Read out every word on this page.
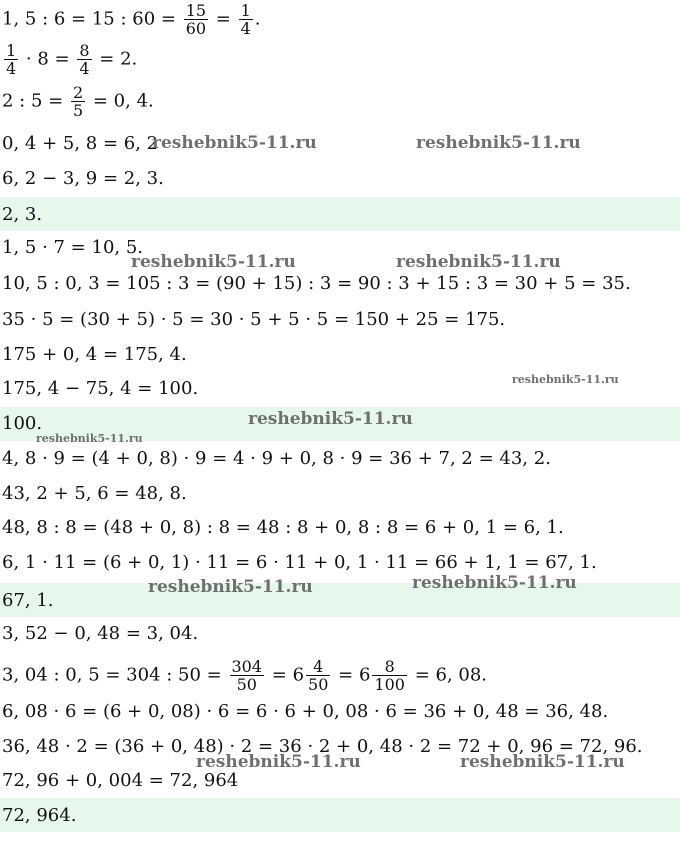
1, 5 : 6 = 15 : $60 = \frac{15}{60} = \frac{1}{4}$ .
$\frac{1}{4} \cdot 8 = \frac{8}{4} = 2$.
2 : $5 = \frac{2}{5} = 0$, 4.
0, 4 + 5, 8 = 6, 2
6, 2 − 3, 9 = 2, 3.
2, 3.
1, 5 · 7 = 10, 5.
10, 5 : 0, 3 = 105 : 3 = (90 + 15) : 3 = 90 : 3 + 15 : 3 = 30 + 5 = 35.
35 · 5 = (30 + 5) · 5 = 30 · 5 + 5 · 5 = 150 + 25 = 175.
175 + 0, 4 = 175, 4.
175, 4 − 75, 4 = 100.
100.
4, 8 · 9 = (4 + 0, 8) · 9 = 4 · 9 + 0, 8 · 9 = 36 + 7, 2 = 43, 2.
43, 2 + 5, 6 = 48, 8.
48, 8 : 8 = (48 + 0, 8) : 8 = 48 : 8 + 0, 8 : 8 = 6 + 0, 1 = 6, 1.
6, 1 · 11 = (6 + 0, 1) · 11 = 6 · 11 + 0, 1 · 11 = 66 + 1, 1 = 67, 1.
67, 1.
3, 52 − 0, 48 = 3, 04.
3, 04 : 0, 5 = 304 : $50 = \frac{304}{50} = 6 \frac{4}{50} = 6 \frac{8}{100} = 6$, 08.
6, 08 · 6 = (6 + 0, 08) · 6 = 6 · 6 + 0, 08 · 6 = 36 + 0, 48 = 36, 48.
36, 48 · 2 = (36 + 0, 48) · 2 = 36 · 2 + 0, 48 · 2 = 72 + 0, 96 = 72, 96.
72, 96 + 0, 004 = 72, 964
72, 964.
reshebnik5-11.ru	reshebnik5-11.ru
reshebnik5-11.ru	reshebnik5-11.ru
reshebnik5-11.ru
reshebnik5-11.ru
reshebnik5-11.ru
reshebnik5-11.ru	reshebnik5-11.ru
reshebnik5-11.ru	reshebnik5-11.ru
